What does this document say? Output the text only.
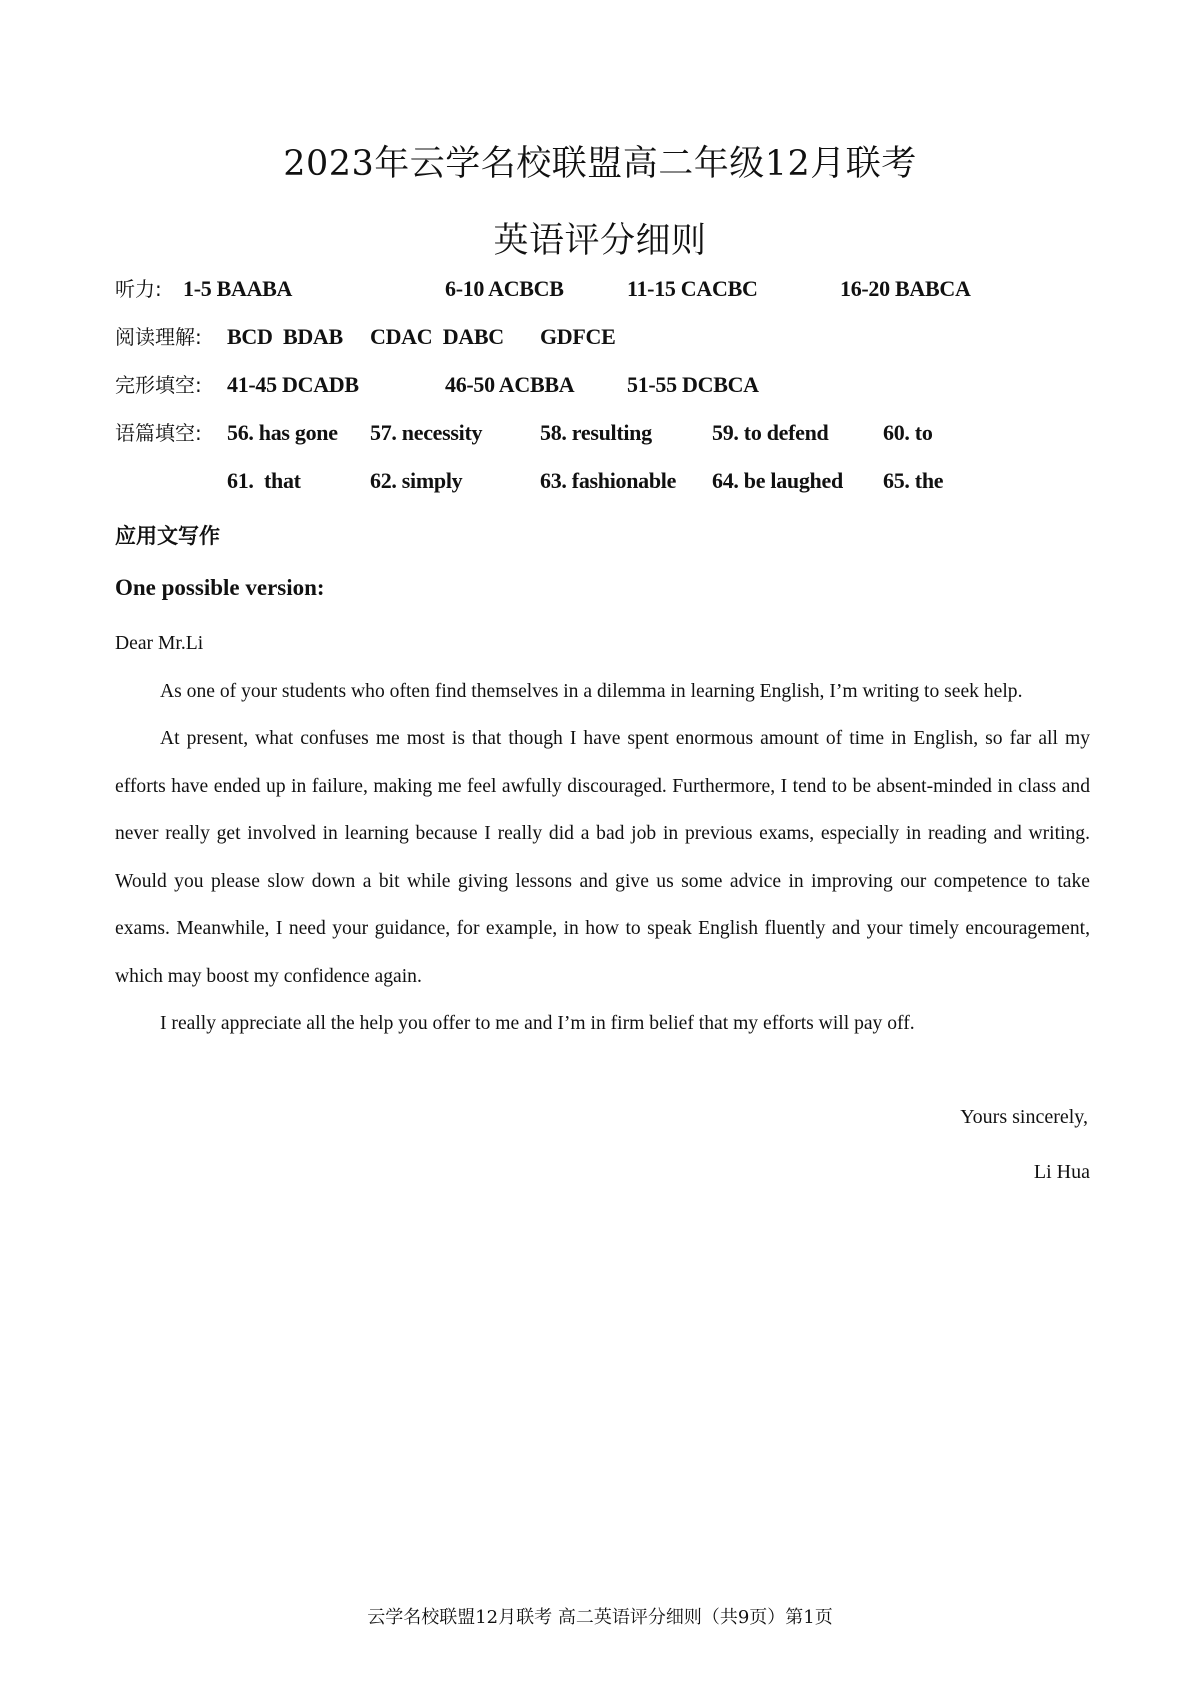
2023年云学名校联盟高二年级12月联考
英语评分细则
听力: 1-5 BAABA	6-10 ACBCB	11-15 CACBC	16-20 BABCA
阅读理解: BCD  BDAB CDAC  DABC GDFCE
完形填空: 41-45 DCADB	46-50 ACBBA 51-55 DCBCA
语篇填空: 56. has gone 57. necessity	58. resulting	59. to defend 60. to
61.  that	62. simply	63. fashionable 64. be laughed 65. the
应用文写作
One possible version:

Dear Mr.Li

As one of your students who often find themselves in a dilemma in learning English, I’m writing to seek help.

At present, what confuses me most is that though I have spent enormous amount of time in English, so far all my efforts have ended up in failure, making me feel awfully discouraged. Furthermore, I tend to be absent-minded in class and never really get involved in learning because I really did a bad job in previous exams, especially in reading and writing. Would you please slow down a bit while giving lessons and give us some advice in improving our competence to take exams. Meanwhile, I need your guidance, for example, in how to speak English fluently and your timely encouragement, which may boost my confidence again.

I really appreciate all the help you offer to me and I’m in firm belief that my efforts will pay off.

Yours sincerely,
Li Hua
云学名校联盟12月联考 高二英语评分细则（共9页）第1页
